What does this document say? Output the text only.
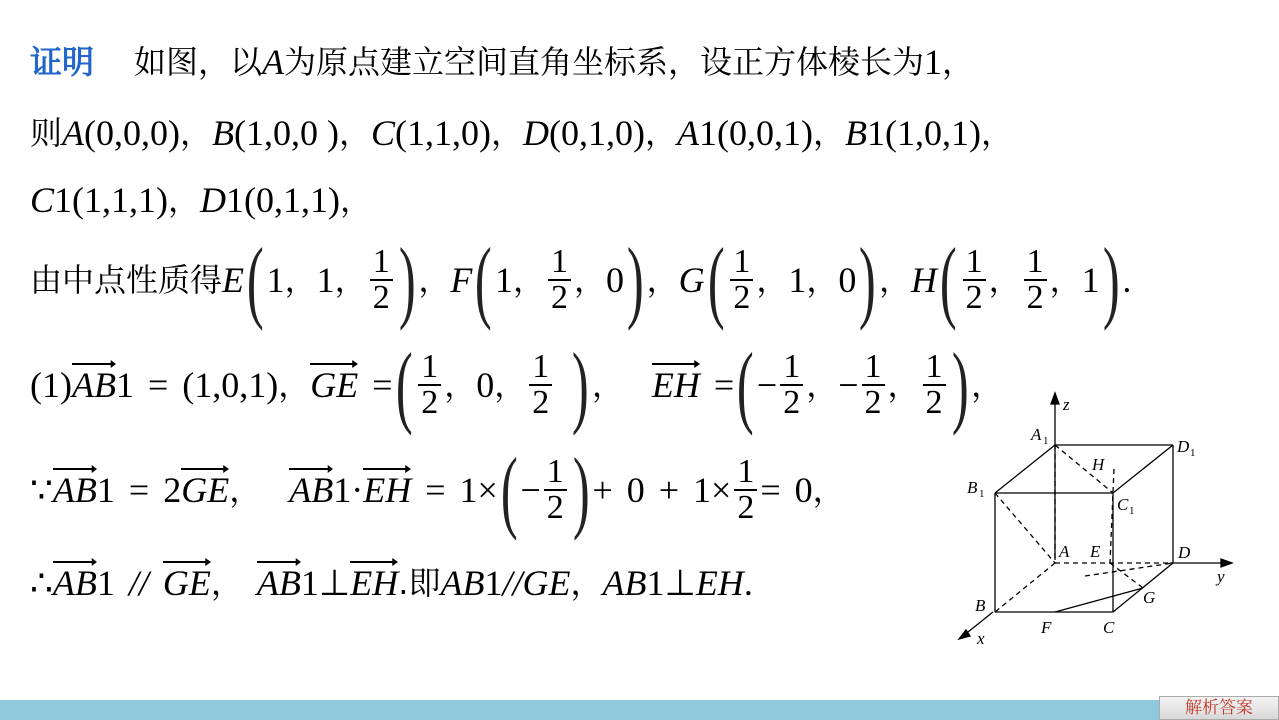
证明 如图，以 A 为原点建立空间直角坐标系，设正方体棱长为 1 ，
则 A (0,0,0) ， B (1,0,0 ) ， C (1,1,0) ， D (0,1,0) ， A 1 (0,0,1) ， B 1 (1,0,1) ，
C 1 (1,1,1) ， D 1 (0,1,1) ，
由中点性质得 E ( 1 ， 1 ， $\frac{1}{2}$ ) ， F ( 1 ， $\frac{1}{2}$ ， 0 ) ， G ( $\frac{1}{2}$ ， 1 ， 0 ) ， H ( $\frac{1}{2}$ ， $\frac{1}{2}$ ， 1 ) .
(1) AB 1 = (1,0,1) ， GE = ( $\frac{1}{2}$ ， 0 ， $\frac{1}{2}$ ) ， EH = ( − $\frac{1}{2}$ ， − $\frac{1}{2}$ ， $\frac{1}{2}$ ) ，
∵ AB 1 = 2 GE ， AB 1 · EH = 1 × ( − $\frac{1}{2}$ ) + $0 + 1 \times \frac{1}{2} = 0$ ，
∴ AB 1 // GE ， AB 1 ⊥ EH .即 AB 1 // GE ， AB 1 ⊥ EH .
z
y
x
A 1	D 1
B 1
C 1
H
A E	D
B	G
F	C
解析答案
